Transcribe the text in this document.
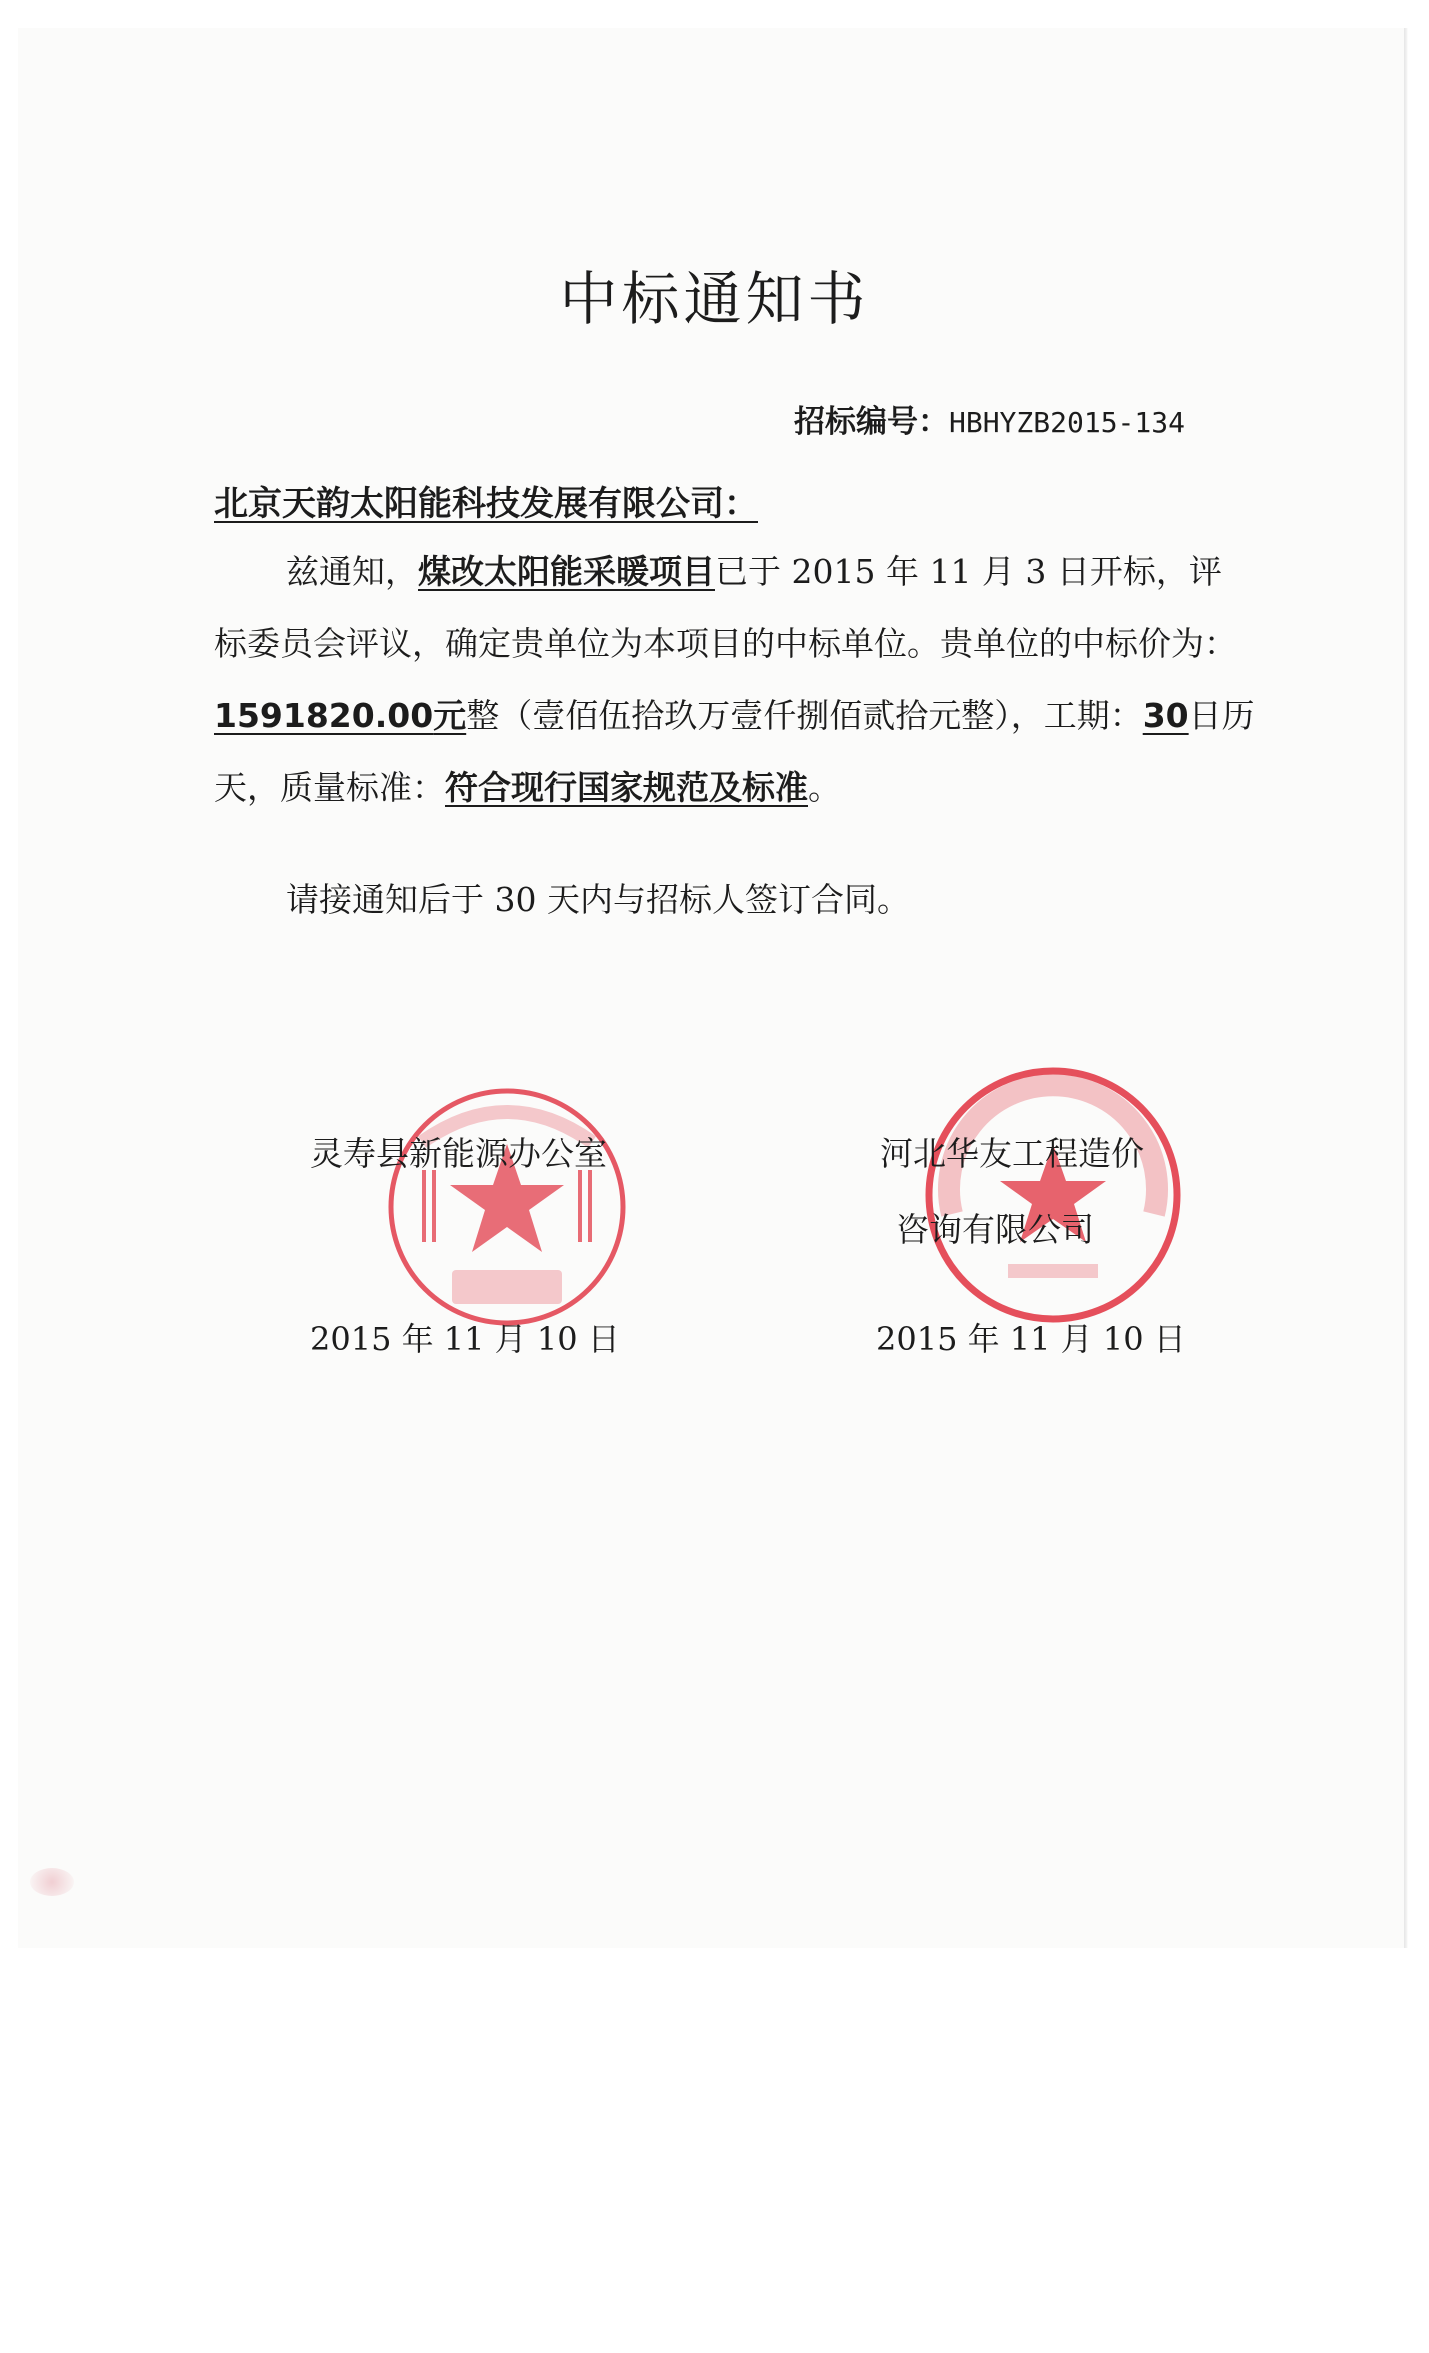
中标通知书
招标编号：HBHYZB2015-134
北京天韵太阳能科技发展有限公司：
兹通知，煤改太阳能采暖项目已于 2015 年 11 月 3 日开标，评
标委员会评议，确定贵单位为本项目的中标单位。贵单位的中标价为：
1591820.00元整（壹佰伍拾玖万壹仟捌佰贰拾元整），工期：30日历
天，质量标准：符合现行国家规范及标准。
请接通知后于 30 天内与招标人签订合同。
灵寿县新能源办公室	河北华友工程造价
咨询有限公司
2015 年 11 月 10 日	2015 年 11 月 10 日
